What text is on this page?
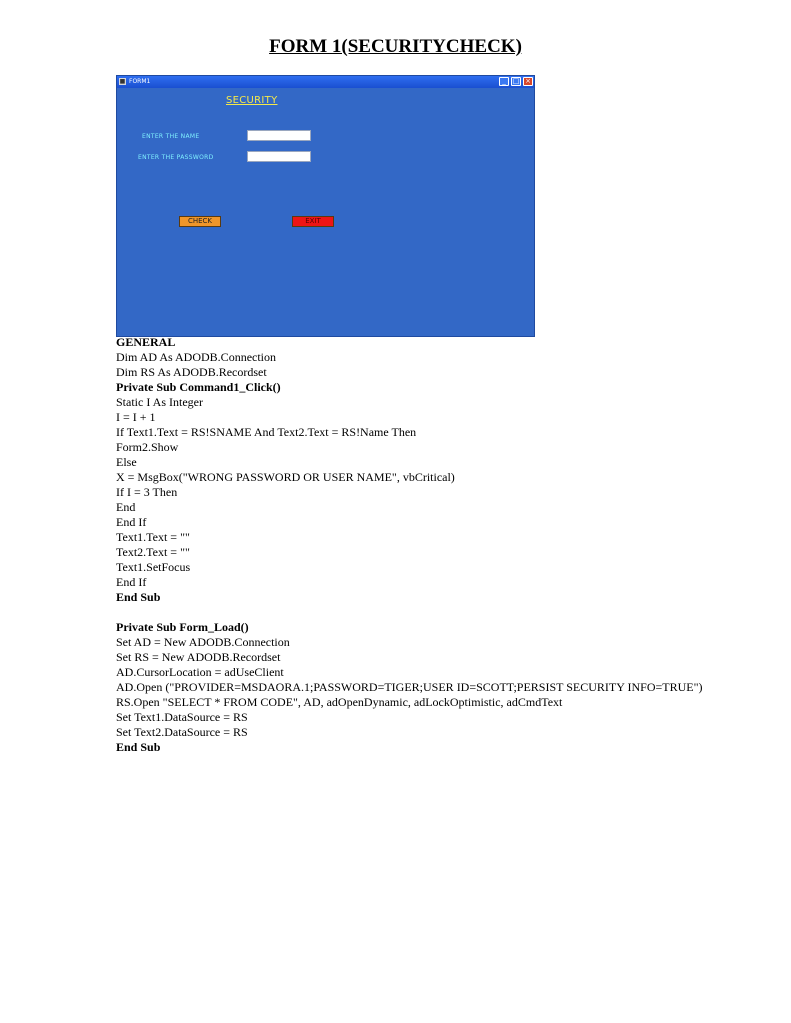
FORM 1(SECURITYCHECK)
■ FORM1	_ □ ×
SECURITY
ENTER THE NAME
ENTER THE PASSWORD
CHECK	EXIT
GENERAL
Dim AD As ADODB.Connection
Dim RS As ADODB.Recordset
Private Sub Command1_Click()
Static I As Integer
I = I + 1
If Text1.Text = RS!SNAME And Text2.Text = RS!Name Then
Form2.Show
Else
X = MsgBox("WRONG PASSWORD OR USER NAME", vbCritical)
If I = 3 Then
End
End If
Text1.Text = ""
Text2.Text = ""
Text1.SetFocus
End If
End Sub
Private Sub Form_Load()
Set AD = New ADODB.Connection
Set RS = New ADODB.Recordset
AD.CursorLocation = adUseClient
AD.Open ("PROVIDER=MSDAORA.1;PASSWORD=TIGER;USER ID=SCOTT;PERSIST SECURITY INFO=TRUE")
RS.Open "SELECT * FROM CODE", AD, adOpenDynamic, adLockOptimistic, adCmdText
Set Text1.DataSource = RS
Set Text2.DataSource = RS
End Sub
